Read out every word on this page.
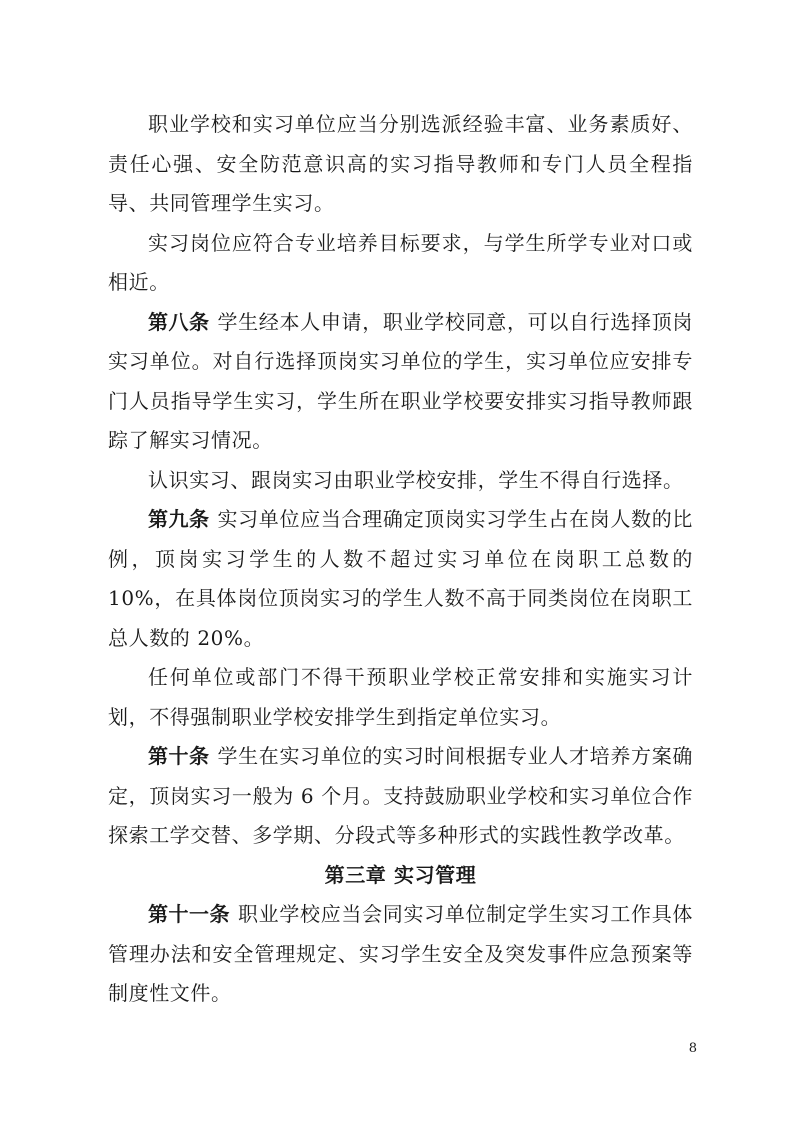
职业学校和实习单位应当分别选派经验丰富、业务素质好、责任心强、安全防范意识高的实习指导教师和专门人员全程指导、共同管理学生实习。

实习岗位应符合专业培养目标要求，与学生所学专业对口或相近。

第八条 学生经本人申请，职业学校同意，可以自行选择顶岗实习单位。对自行选择顶岗实习单位的学生，实习单位应安排专门人员指导学生实习，学生所在职业学校要安排实习指导教师跟踪了解实习情况。

认识实习、跟岗实习由职业学校安排，学生不得自行选择。

第九条 实习单位应当合理确定顶岗实习学生占在岗人数的比例，顶岗实习学生的人数不超过实习单位在岗职工总数的 10%，在具体岗位顶岗实习的学生人数不高于同类岗位在岗职工总人数的 20%。

任何单位或部门不得干预职业学校正常安排和实施实习计划，不得强制职业学校安排学生到指定单位实习。

第十条 学生在实习单位的实习时间根据专业人才培养方案确定，顶岗实习一般为 6 个月。支持鼓励职业学校和实习单位合作探索工学交替、多学期、分段式等多种形式的实践性教学改革。

第三章 实习管理

第十一条 职业学校应当会同实习单位制定学生实习工作具体管理办法和安全管理规定、实习学生安全及突发事件应急预案等制度性文件。

8
